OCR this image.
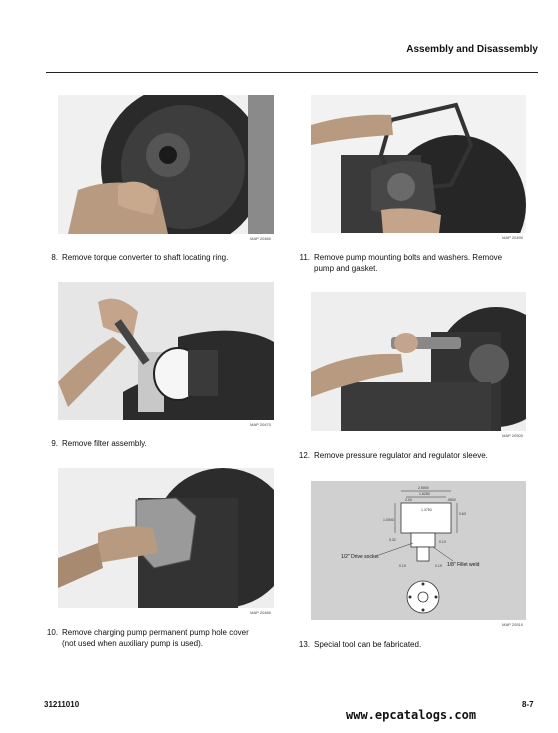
Assembly and Disassembly
MAP 20460
8. Remove torque converter to shaft locating ring.
MAP 20470
9. Remove filter assembly.
MAP 20480
10. Remove charging pump permanent pump hole cover
(not used when auxiliary pump is used).
MAP 20490
11. Remove pump mounting bolts and washers. Remove
pump and gasket.
MAP 20500
12. Remove pressure regulator and regulator sleeve.
2.5000
1.6250
1.3750
2.00
0.63
.0500
1.0000
0.32
0.10	0.19
0.13
1/2" Drive socket
1/8" Fillet weld
MAP 20510
13. Special tool can be fabricated.
31211010	8-7
www.epcatalogs.com
